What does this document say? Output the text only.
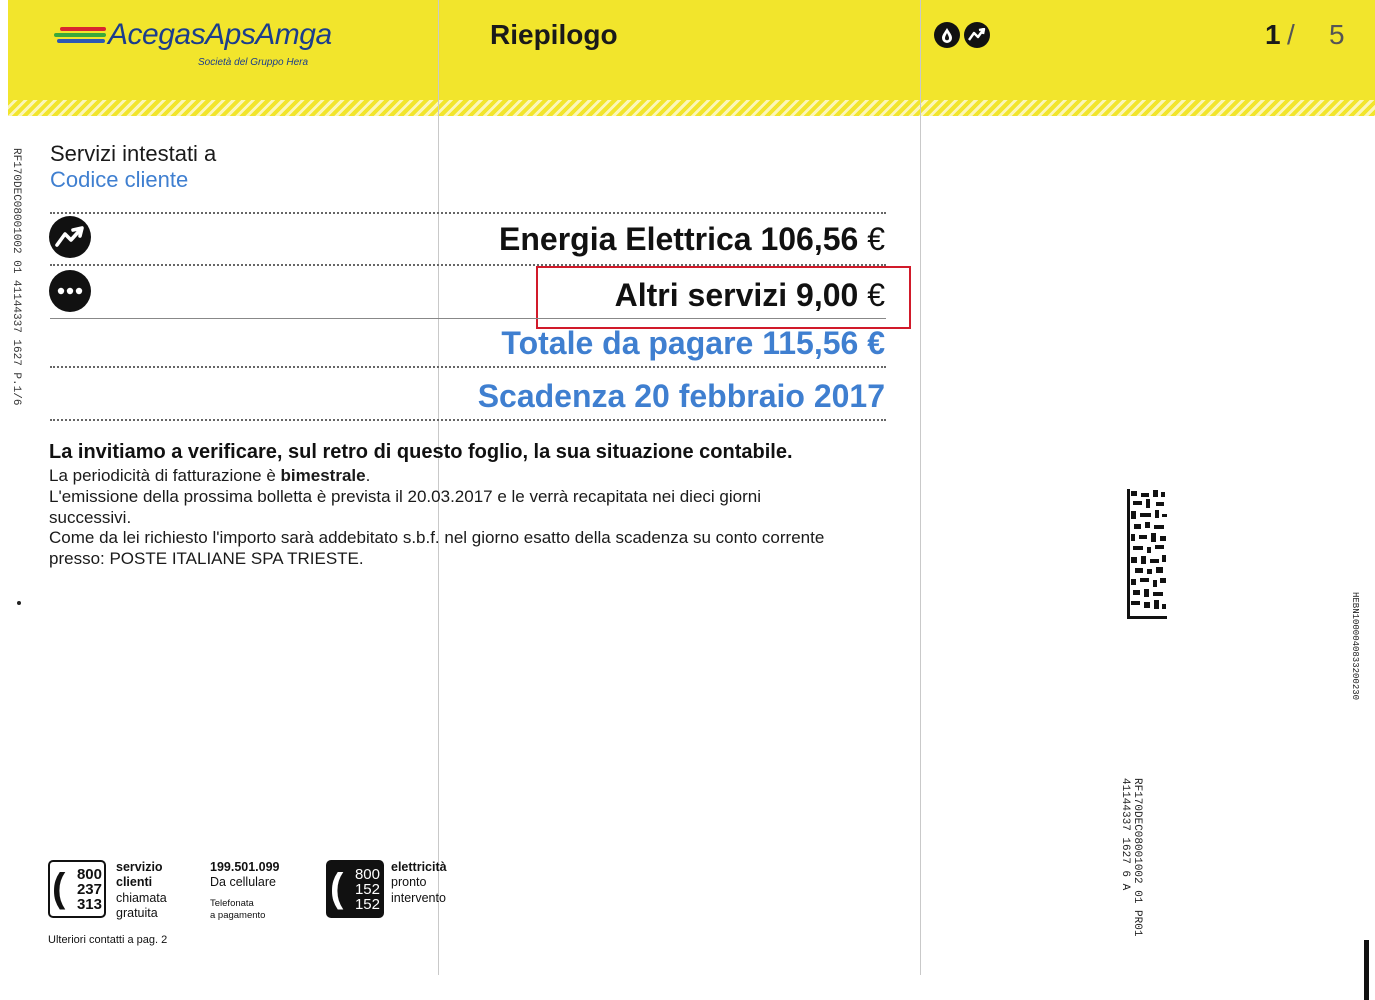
AcegasApsAmga
Società del Gruppo Hera
Riepilogo	1 / 5
RF170DEC08001002 01 41144337 1627 P.1/6 Servizi intestati a
Codice cliente
Energia Elettrica 106,56 €
Altri servizi 9,00 €
Totale da pagare 115,56 €
Scadenza 20 febbraio 2017
La invitiamo a verificare, sul retro di questo foglio, la sua situazione contabile.
La periodicità di fatturazione è bimestrale.
L'emissione della prossima bolletta è prevista il 20.03.2017 e le verrà recapitata nei dieci giorni
successivi.
Come da lei richiesto l'importo sarà addebitato s.b.f. nel giorno esatto della scadenza su conto corrente
presso: POSTE ITALIANE SPA TRIESTE.
( 800
237
313
servizio
clienti
chiamata
gratuita
199.501.099
Da cellulare
Telefonata
a pagamento
( 800
152
152
elettricità
pronto
intervento
Ulteriori contatti a pag. 2
HEBN1000040833200230
RF170DEC08001002 01 PR01
41144337 1627 6 A
